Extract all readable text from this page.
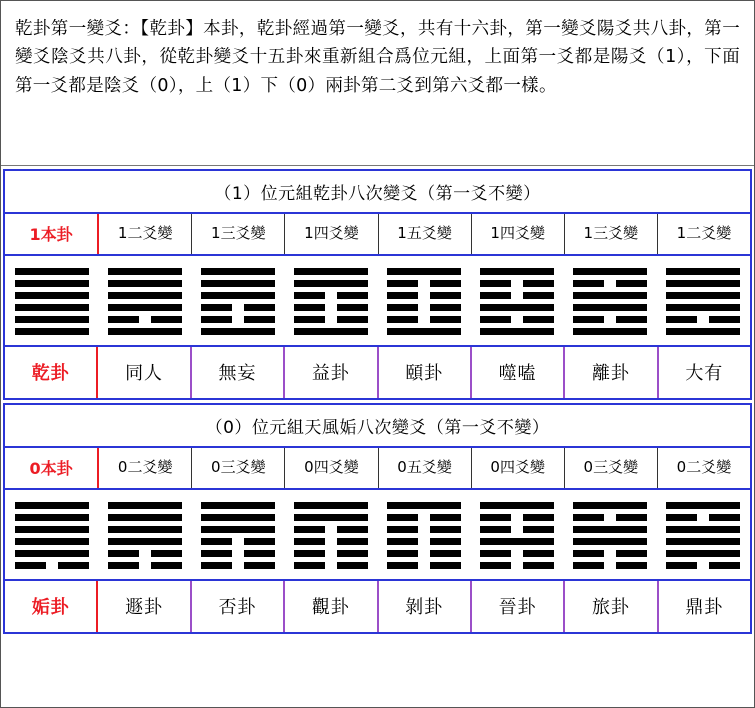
乾卦第一變爻：【乾卦】本卦，乾卦經過第一變爻，共有十六卦，第一變爻陽爻共八卦，第一變爻陰爻共八卦，從乾卦變爻十五卦來重新組合爲位元組，上面第一爻都是陽爻（1），下面第一爻都是陰爻（0），上（1）下（0）兩卦第二爻到第六爻都一樣。
（1）位元組乾卦八次變爻（第一爻不變）
1本卦	1二爻變	1三爻變	1四爻變	1五爻變	1四爻變	1三爻變	1二爻變
乾卦	同人	無妄	益卦	頤卦	噬嗑	離卦	大有
（0）位元組天風姤八次變爻（第一爻不變）
0本卦	0二爻變	0三爻變	0四爻變	0五爻變	0四爻變	0三爻變	0二爻變
姤卦	遯卦	否卦	觀卦	剝卦	晉卦	旅卦	鼎卦
